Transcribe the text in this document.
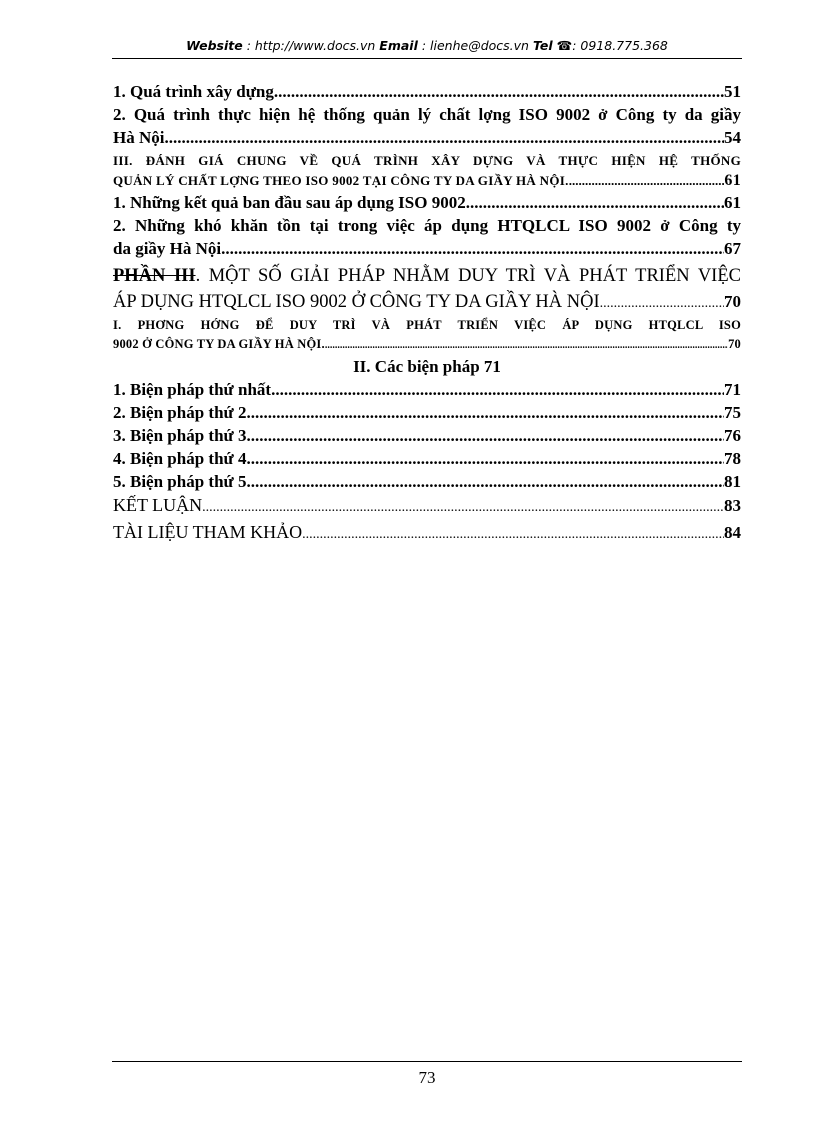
Website : http://www.docs.vn Email : lienhe@docs.vn Tel ☎: 0918.775.368
1. Quá trình xây dựng .....	51
2. Quá trình thực hiện hệ thống quản lý chất lợng ISO 9002 ở Công ty da giầy
Hà Nội. .....	54
III. ĐÁNH GIÁ CHUNG VỀ QUÁ TRÌNH XÂY DỰNG VÀ THỰC HIỆN HỆ THỐNG
QUẢN LÝ CHẤT LỢNG THEO ISO 9002 TẠI CÔNG TY DA GIẦY HÀ NỘI. .....	61
1. Những kết quả ban đầu sau áp dụng ISO 9002 .....	61
2. Những khó khăn tồn tại trong việc áp dụng HTQLCL ISO 9002 ở Công ty
da giầy Hà Nội. .....	67
PHẦN III. MỘT SỐ GIẢI PHÁP NHẰM DUY TRÌ VÀ PHÁT TRIỂN VIỆC
ÁP DỤNG HTQLCL ISO 9002 Ở CÔNG TY DA GIẦY HÀ NỘI .....	70
I. PHƠNG HỚNG ĐỂ DUY TRÌ VÀ PHÁT TRIỂN VIỆC ÁP DỤNG HTQLCL ISO
9002 Ở CÔNG TY DA GIẦY HÀ NỘI. .....	70
II. Các biện pháp 71
1. Biện pháp thứ nhất .....	71
2. Biện pháp thứ 2 .....	75
3. Biện pháp thứ 3 .....	76
4. Biện pháp thứ 4 .....	78
5. Biện pháp thứ 5 .....	81
KẾT LUẬN .....	83
TÀI LIỆU THAM KHẢO .....	84
73
